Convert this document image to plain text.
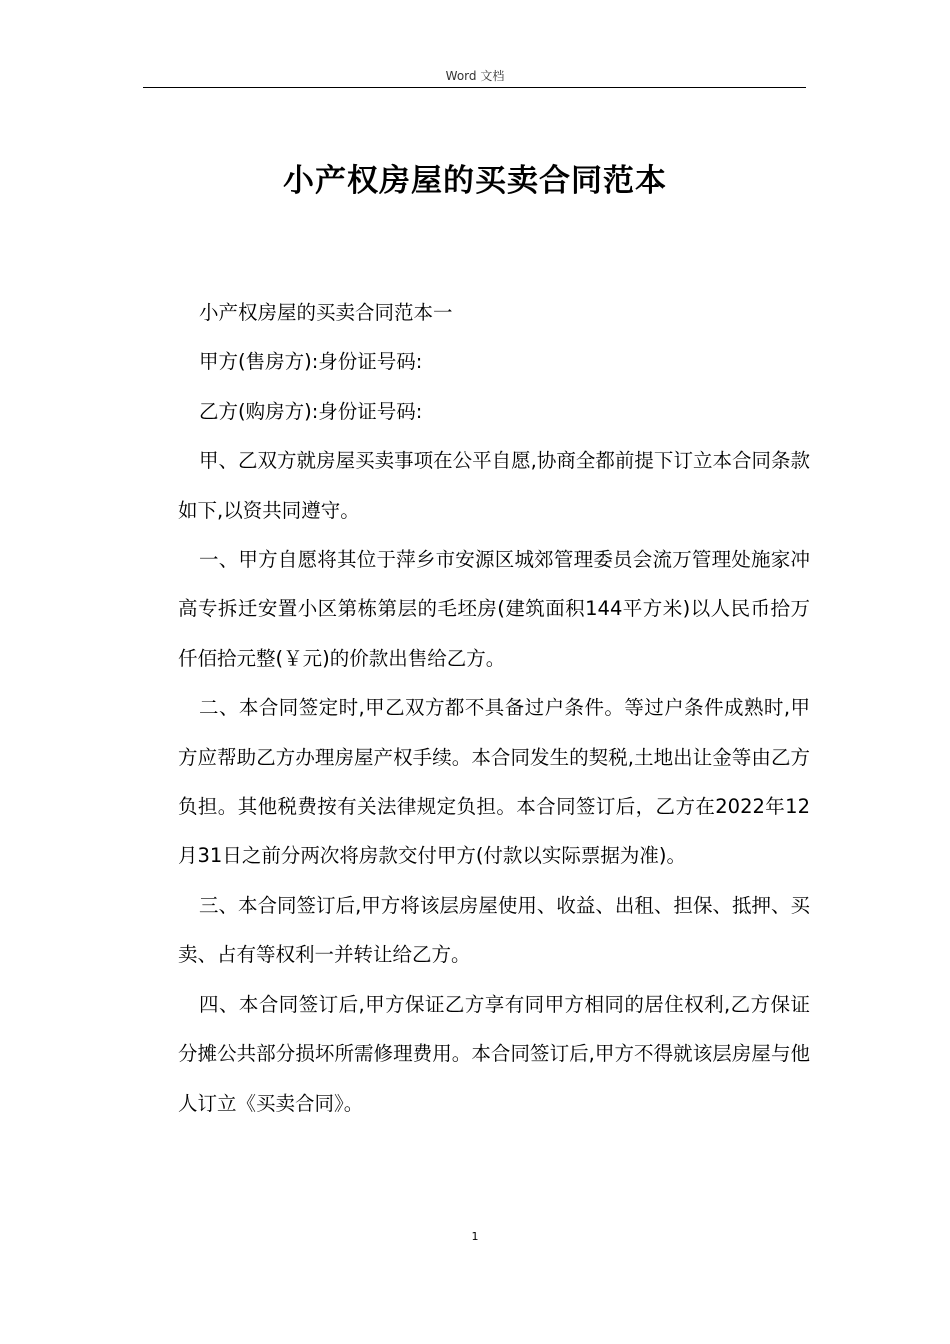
Word 文档
小产权房屋的买卖合同范本

小产权房屋的买卖合同范本一

甲方(售房方):身份证号码:

乙方(购房方):身份证号码:

甲、乙双方就房屋买卖事项在公平自愿,协商全都前提下订立本合同条款如下,以资共同遵守。

一、甲方自愿将其位于萍乡市安源区城郊管理委员会流万管理处施家冲高专拆迁安置小区第栋第层的毛坯房(建筑面积144平方米)以人民币拾万仟佰拾元整(￥元)的价款出售给乙方。

二、本合同签定时,甲乙双方都不具备过户条件。等过户条件成熟时,甲方应帮助乙方办理房屋产权手续。本合同发生的契税,土地出让金等由乙方负担。其他税费按有关法律规定负担。本合同签订后，乙方在2022年12月31日之前分两次将房款交付甲方(付款以实际票据为准)。

三、本合同签订后,甲方将该层房屋使用、收益、出租、担保、抵押、买卖、占有等权利一并转让给乙方。

四、本合同签订后,甲方保证乙方享有同甲方相同的居住权利,乙方保证分摊公共部分损坏所需修理费用。本合同签订后,甲方不得就该层房屋与他人订立《买卖合同》。

1
